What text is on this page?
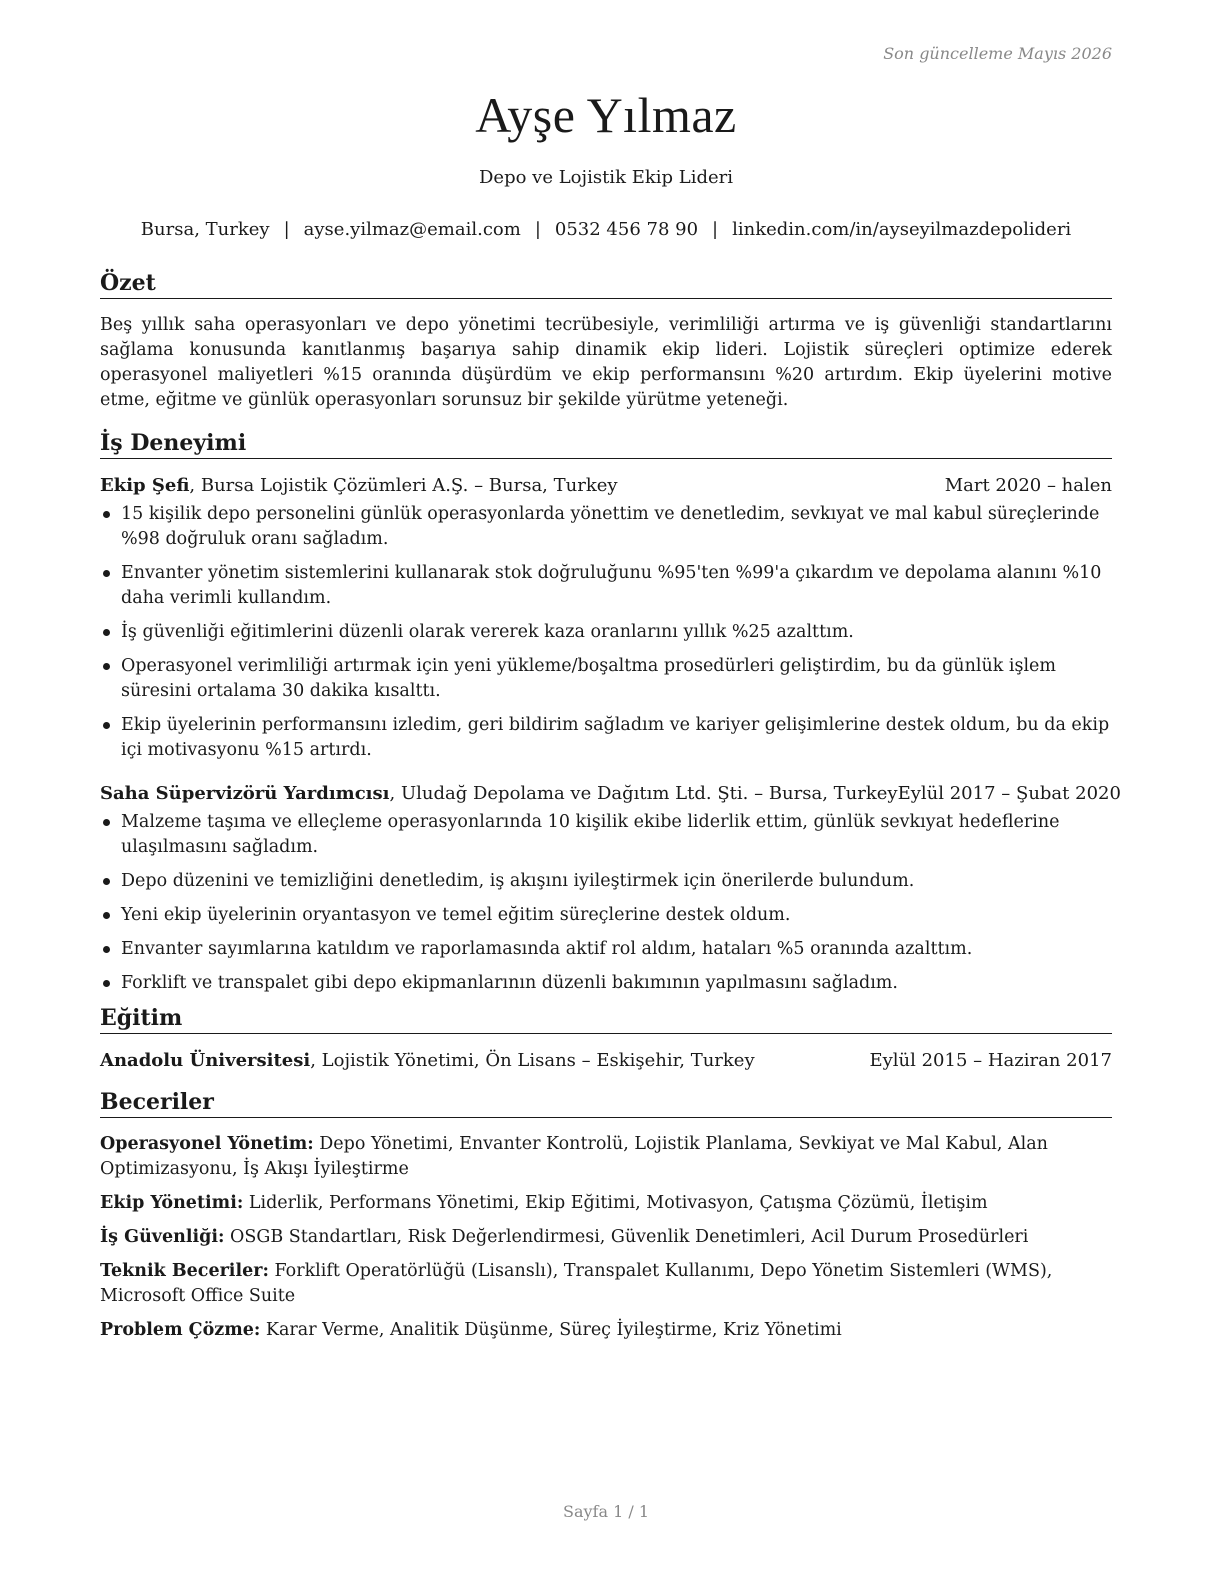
Son güncelleme Mayıs 2026
Ayşe Yılmaz
Depo ve Lojistik Ekip Lideri
Bursa, Turkey | ayse.yilmaz@email.com | 0532 456 78 90 | linkedin.com/in/ayseyilmazdepolideri
Özet

Beş yıllık saha operasyonları ve depo yönetimi tecrübesiyle, verimliliği artırma ve iş güvenliği standartlarını sağlama konusunda kanıtlanmış başarıya sahip dinamik ekip lideri. Lojistik süreçleri optimize ederek operasyonel maliyetleri %15 oranında düşürdüm ve ekip performansını %20 artırdım. Ekip üyelerini motive etme, eğitme ve günlük operasyonları sorunsuz bir şekilde yürütme yeteneği.

İş Deneyimi
Ekip Şefi, Bursa Lojistik Çözümleri A.Ş. – Bursa, Turkey	Mart 2020 – halen
15 kişilik depo personelini günlük operasyonlarda yönettim ve denetledim, sevkıyat ve mal kabul süreçlerinde %98 doğruluk oranı sağladım.
Envanter yönetim sistemlerini kullanarak stok doğruluğunu %95'ten %99'a çıkardım ve depolama alanını %10 daha verimli kullandım.
İş güvenliği eğitimlerini düzenli olarak vererek kaza oranlarını yıllık %25 azalttım.
Operasyonel verimliliği artırmak için yeni yükleme/boşaltma prosedürleri geliştirdim, bu da günlük işlem süresini ortalama 30 dakika kısalttı.
Ekip üyelerinin performansını izledim, geri bildirim sağladım ve kariyer gelişimlerine destek oldum, bu da ekip içi motivasyonu %15 artırdı.
Saha Süpervizörü Yardımcısı, Uludağ Depolama ve Dağıtım Ltd. Şti. – Bursa, Turkey Eylül 2017 – Şubat 2020
Malzeme taşıma ve elleçleme operasyonlarında 10 kişilik ekibe liderlik ettim, günlük sevkıyat hedeflerine ulaşılmasını sağladım.
Depo düzenini ve temizliğini denetledim, iş akışını iyileştirmek için önerilerde bulundum.
Yeni ekip üyelerinin oryantasyon ve temel eğitim süreçlerine destek oldum.
Envanter sayımlarına katıldım ve raporlamasında aktif rol aldım, hataları %5 oranında azalttım.
Forklift ve transpalet gibi depo ekipmanlarının düzenli bakımının yapılmasını sağladım.
Eğitim
Anadolu Üniversitesi, Lojistik Yönetimi, Ön Lisans – Eskişehir, Turkey	Eylül 2015 – Haziran 2017
Beceriler

Operasyonel Yönetim: Depo Yönetimi, Envanter Kontrolü, Lojistik Planlama, Sevkiyat ve Mal Kabul, Alan Optimizasyonu, İş Akışı İyileştirme

Ekip Yönetimi: Liderlik, Performans Yönetimi, Ekip Eğitimi, Motivasyon, Çatışma Çözümü, İletişim

İş Güvenliği: OSGB Standartları, Risk Değerlendirmesi, Güvenlik Denetimleri, Acil Durum Prosedürleri

Teknik Beceriler: Forklift Operatörlüğü (Lisanslı), Transpalet Kullanımı, Depo Yönetim Sistemleri (WMS), Microsoft Office Suite

Problem Çözme: Karar Verme, Analitik Düşünme, Süreç İyileştirme, Kriz Yönetimi

Sayfa 1 / 1
